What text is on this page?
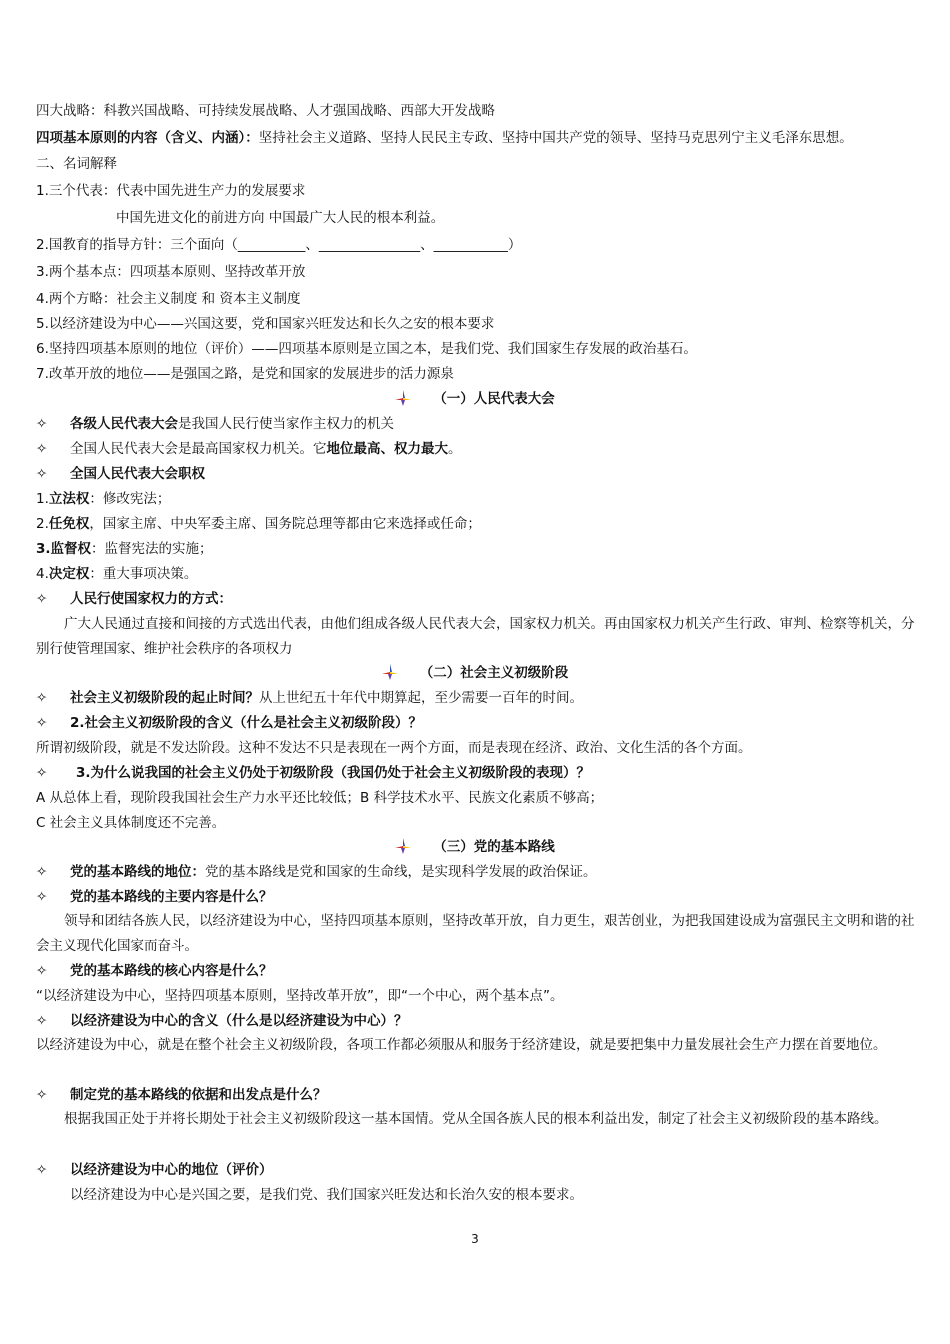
四大战略：科教兴国战略、可持续发展战略、人才强国战略、西部大开发战略
四项基本原则的内容（含义、内涵）：坚持社会主义道路、坚持人民民主专政、坚持中国共产党的领导、坚持马克思列宁主义毛泽东思想。
二、名词解释
1.三个代表：代表中国先进生产力的发展要求
中国先进文化的前进方向 中国最广大人民的根本利益。
2.国教育的指导方针：三个面向（__________、_______________、___________）
3.两个基本点：四项基本原则、坚持改革开放
4.两个方略：社会主义制度 和 资本主义制度
5.以经济建设为中心——兴国这要，党和国家兴旺发达和长久之安的根本要求
6.坚持四项基本原则的地位（评价）——四项基本原则是立国之本，是我们党、我们国家生存发展的政治基石。
7.改革开放的地位——是强国之路，是党和国家的发展进步的活力源泉
（一）人民代表大会
✧ 各级人民代表大会是我国人民行使当家作主权力的机关
✧ 全国人民代表大会是最高国家权力机关。它地位最高、权力最大。
✧ 全国人民代表大会职权
1.立法权：修改宪法；
2.任免权，国家主席、中央军委主席、国务院总理等都由它来选择或任命；
3.监督权：监督宪法的实施；
4.决定权：重大事项决策。
✧ 人民行使国家权力的方式：
广大人民通过直接和间接的方式选出代表，由他们组成各级人民代表大会，国家权力机关。再由国家权力机关产生行政、审判、检察等机关，分别行使管理国家、维护社会秩序的各项权力
（二）社会主义初级阶段
✧ 社会主义初级阶段的起止时间？从上世纪五十年代中期算起，至少需要一百年的时间。
✧ 2.社会主义初级阶段的含义（什么是社会主义初级阶段）？
所谓初级阶段，就是不发达阶段。这种不发达不只是表现在一两个方面，而是表现在经济、政治、文化生活的各个方面。
✧ 3.为什么说我国的社会主义仍处于初级阶段（我国仍处于社会主义初级阶段的表现）？
A 从总体上看，现阶段我国社会生产力水平还比较低；B 科学技术水平、民族文化素质不够高；
C 社会主义具体制度还不完善。
（三）党的基本路线
✧ 党的基本路线的地位：党的基本路线是党和国家的生命线，是实现科学发展的政治保证。
✧ 党的基本路线的主要内容是什么？
领导和团结各族人民，以经济建设为中心，坚持四项基本原则，坚持改革开放，自力更生，艰苦创业，为把我国建设成为富强民主文明和谐的社会主义现代化国家而奋斗。
✧ 党的基本路线的核心内容是什么？
“以经济建设为中心，坚持四项基本原则，坚持改革开放”，即“一个中心，两个基本点”。
✧ 以经济建设为中心的含义（什么是以经济建设为中心）？
以经济建设为中心，就是在整个社会主义初级阶段，各项工作都必须服从和服务于经济建设，就是要把集中力量发展社会生产力摆在首要地位。
✧ 制定党的基本路线的依据和出发点是什么？
根据我国正处于并将长期处于社会主义初级阶段这一基本国情。党从全国各族人民的根本利益出发，制定了社会主义初级阶段的基本路线。
✧ 以经济建设为中心的地位（评价）
以经济建设为中心是兴国之要，是我们党、我们国家兴旺发达和长治久安的根本要求。
3
